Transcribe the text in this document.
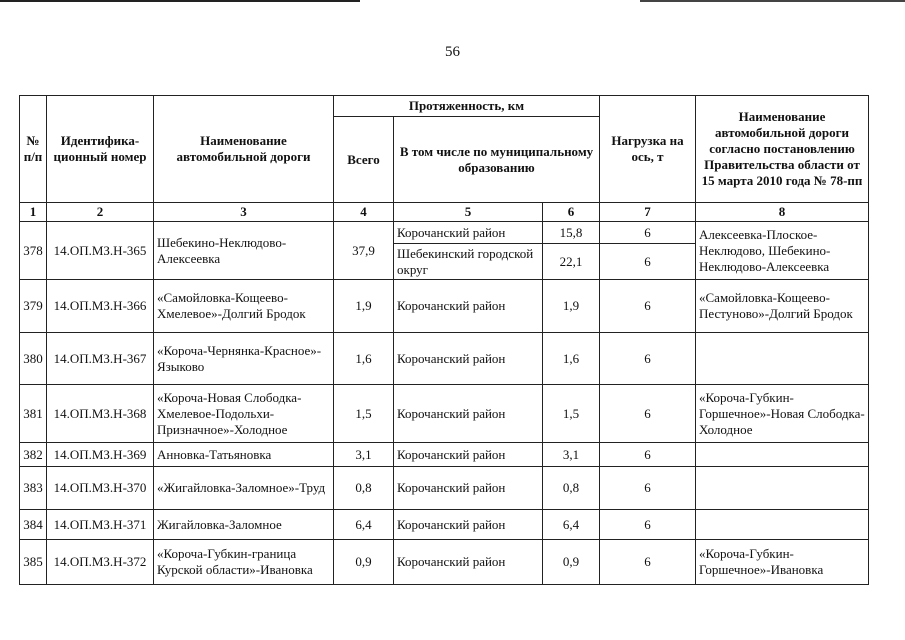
56
№ п/п	Идентифика-ционный номер	Наименование автомобильной дороги	Протяженность, км			Нагрузка на ось, т	Наименование автомобильной дороги согласно постановлению Правительства области от 15 марта 2010 года № 78-пп
			Всего	В том числе по муниципальному образованию			
1	2	3	4	5	6	7	8
378	14.ОП.МЗ.Н-365	Шебекино-Неклюдово-Алексеевка	37,9	Корочанский район	15,8	6	Алексеевка-Плоское-Неклюдово, Шебекино-Неклюдово-Алексеевка
				Шебекинский городской округ	22,1	6	
379	14.ОП.МЗ.Н-366	«Самойловка-Кощеево-Хмелевое»-Долгий Бродок	1,9	Корочанский район	1,9	6	«Самойловка-Кощеево-Пестуново»-Долгий Бродок
380	14.ОП.МЗ.Н-367	«Короча-Чернянка-Красное»-Языково	1,6	Корочанский район	1,6	6	
381	14.ОП.МЗ.Н-368	«Короча-Новая Слободка-Хмелевое-Подольхи-Призначное»-Холодное	1,5	Корочанский район	1,5	6	«Короча-Губкин-Горшечное»-Новая Слободка-Холодное
382	14.ОП.МЗ.Н-369	Анновка-Татьяновка	3,1	Корочанский район	3,1	6	
383	14.ОП.МЗ.Н-370	«Жигайловка-Заломное»-Труд	0,8	Корочанский район	0,8	6	
384	14.ОП.МЗ.Н-371	Жигайловка-Заломное	6,4	Корочанский район	6,4	6	
385	14.ОП.МЗ.Н-372	«Короча-Губкин-граница Курской области»-Ивановка	0,9	Корочанский район	0,9	6	«Короча-Губкин-Горшечное»-Ивановка
